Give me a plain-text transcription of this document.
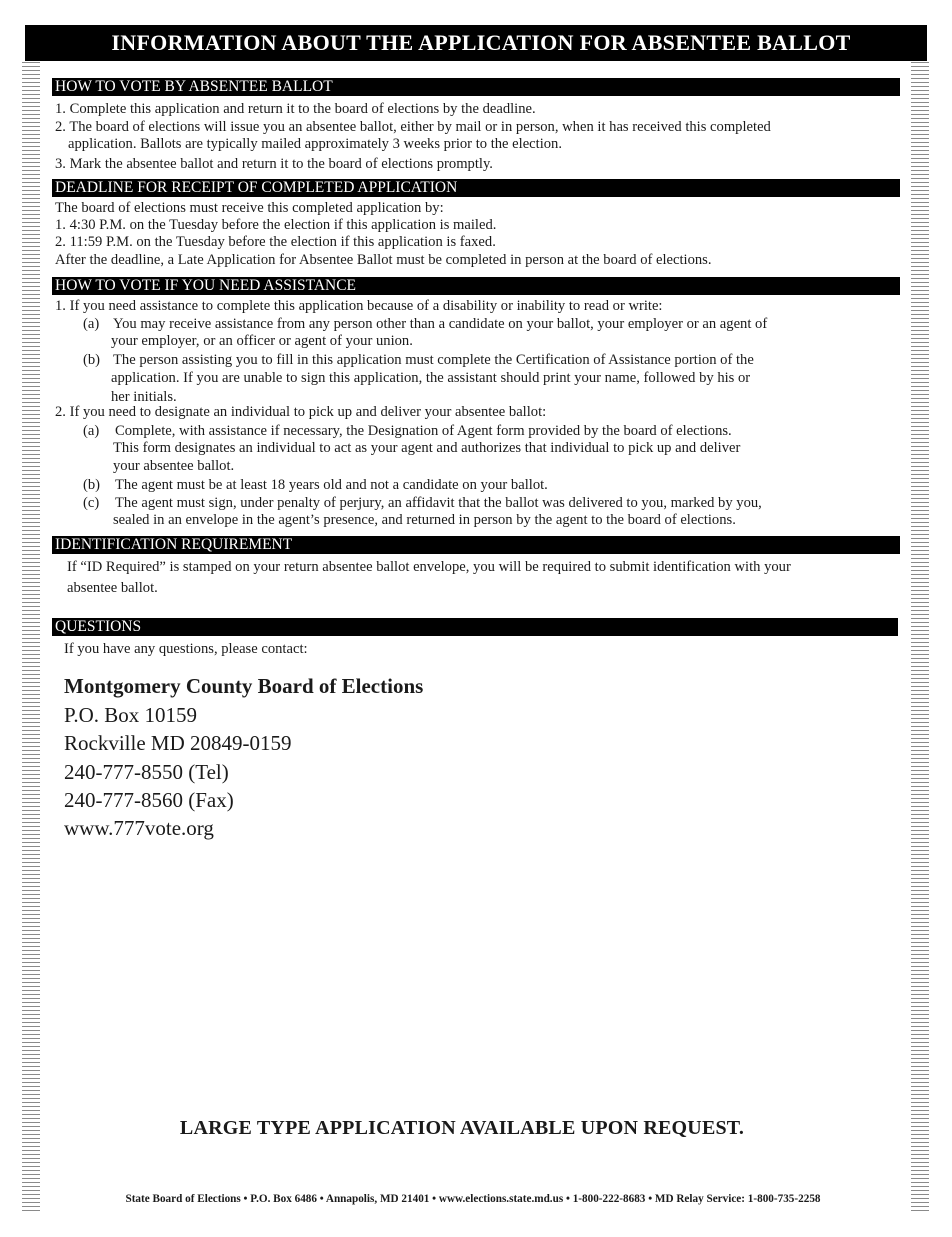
INFORMATION ABOUT THE APPLICATION FOR ABSENTEE BALLOT
HOW TO VOTE BY ABSENTEE BALLOT
1. Complete this application and return it to the board of elections by the deadline.
2. The board of elections will issue you an absentee ballot, either by mail or in person, when it has received this completed
application. Ballots are typically mailed approximately 3 weeks prior to the election.
3. Mark the absentee ballot and return it to the board of elections promptly.
DEADLINE FOR RECEIPT OF COMPLETED APPLICATION
The board of elections must receive this completed application by:
1. 4:30 P.M. on the Tuesday before the election if this application is mailed.
2. 11:59 P.M. on the Tuesday before the election if this application is faxed.
After the deadline, a Late Application for Absentee Ballot must be completed in person at the board of elections.
HOW TO VOTE IF YOU NEED ASSISTANCE
1. If you need assistance to complete this application because of a disability or inability to read or write:
(a) You may receive assistance from any person other than a candidate on your ballot, your employer or an agent of
your employer, or an officer or agent of your union.
(b) The person assisting you to fill in this application must complete the Certification of Assistance portion of the
application. If you are unable to sign this application, the assistant should print your name, followed by his or
her initials.
2. If you need to designate an individual to pick up and deliver your absentee ballot:
(a) Complete, with assistance if necessary, the Designation of Agent form provided by the board of elections.
This form designates an individual to act as your agent and authorizes that individual to pick up and deliver
your absentee ballot.
(b) The agent must be at least 18 years old and not a candidate on your ballot.
(c) The agent must sign, under penalty of perjury, an affidavit that the ballot was delivered to you, marked by you,
sealed in an envelope in the agent’s presence, and returned in person by the agent to the board of elections.
IDENTIFICATION REQUIREMENT
If “ID Required” is stamped on your return absentee ballot envelope, you will be required to submit identification with your
absentee ballot.
QUESTIONS
If you have any questions, please contact:
Montgomery County Board of Elections
P.O. Box 10159
Rockville MD 20849-0159
240-777-8550 (Tel)
240-777-8560 (Fax)
www.777vote.org
LARGE TYPE APPLICATION AVAILABLE UPON REQUEST.
State Board of Elections • P.O. Box 6486 • Annapolis, MD 21401 • www.elections.state.md.us • 1-800-222-8683 • MD Relay Service: 1-800-735-2258
